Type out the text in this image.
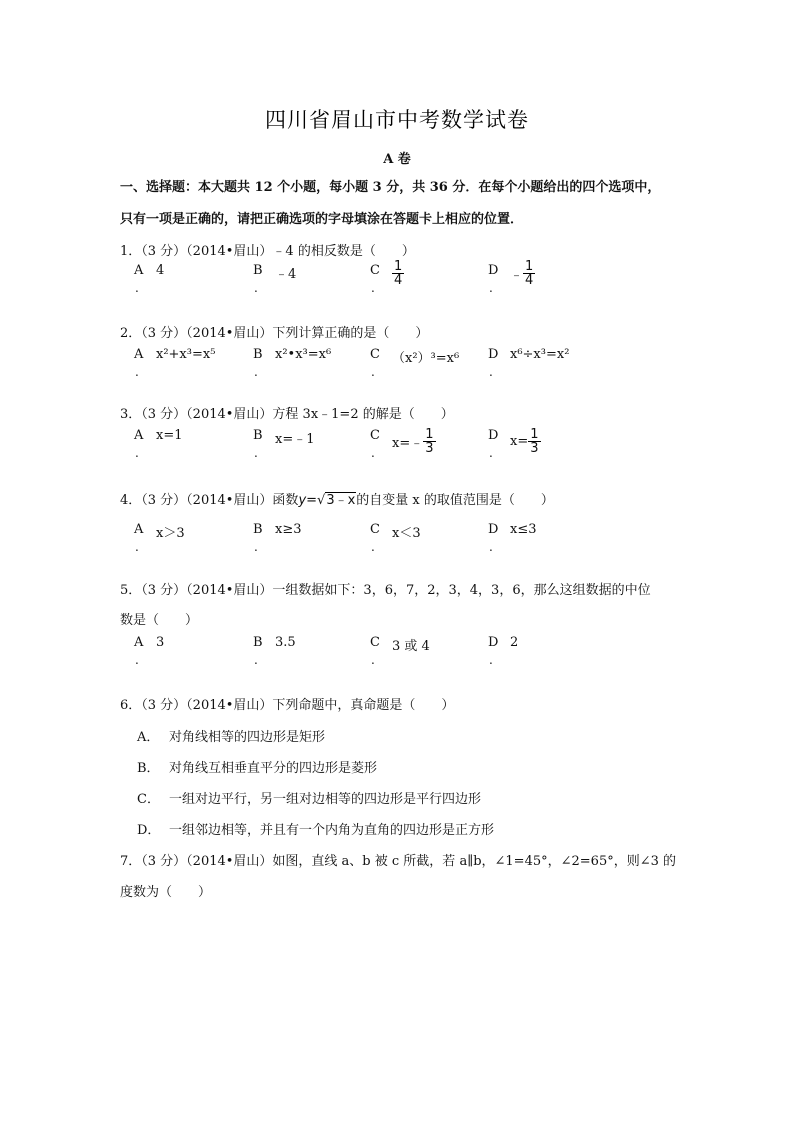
四川省眉山市中考数学试卷
A 卷
一、选择题：本大题共 12 个小题，每小题 3 分，共 36 分．在每个小题给出的四个选项中，
只有一项是正确的，请把正确选项的字母填涂在答题卡上相应的位置．
1．（3 分）（2014•眉山）﹣4 的相反数是（　　）
A 4
.
B ﹣4
.
C $\frac{1}{4}$
.
D ﹣ $\frac{1}{4}$
.
2．（3 分）（2014•眉山）下列计算正确的是（　　）
A x²+x³=x⁵
.
B x²•x³=x⁶
.
C （x²）³=x⁶
.
D x⁶÷x³=x²
.
3．（3 分）（2014•眉山）方程 3x﹣1=2 的解是（　　）
A x=1
.
B x=﹣1
.
C
x=﹣ $\frac{1}{3}$
.
D $x= \frac{1}{3}$
.
4．（3 分）（2014•眉山）函数y=√3﹣x的自变量 x 的取值范围是（　　）
A x＞3
.
B x≥3
.
C x＜3
.
D x≤3
.
5．（3 分）（2014•眉山）一组数据如下：3，6，7，2，3，4，3，6，那么这组数据的中位
数是（　　）
A 3
.
B 3.5
.
C 3 或 4
.
D 2
.
6．（3 分）（2014•眉山）下列命题中，真命题是（　　）
A． 对角线相等的四边形是矩形
B． 对角线互相垂直平分的四边形是菱形
C． 一组对边平行，另一组对边相等的四边形是平行四边形
D． 一组邻边相等，并且有一个内角为直角的四边形是正方形
7．（3 分）（2014•眉山）如图，直线 a、b 被 c 所截，若 a∥b，∠1=45°，∠2=65°，则∠3 的
度数为（　　）
